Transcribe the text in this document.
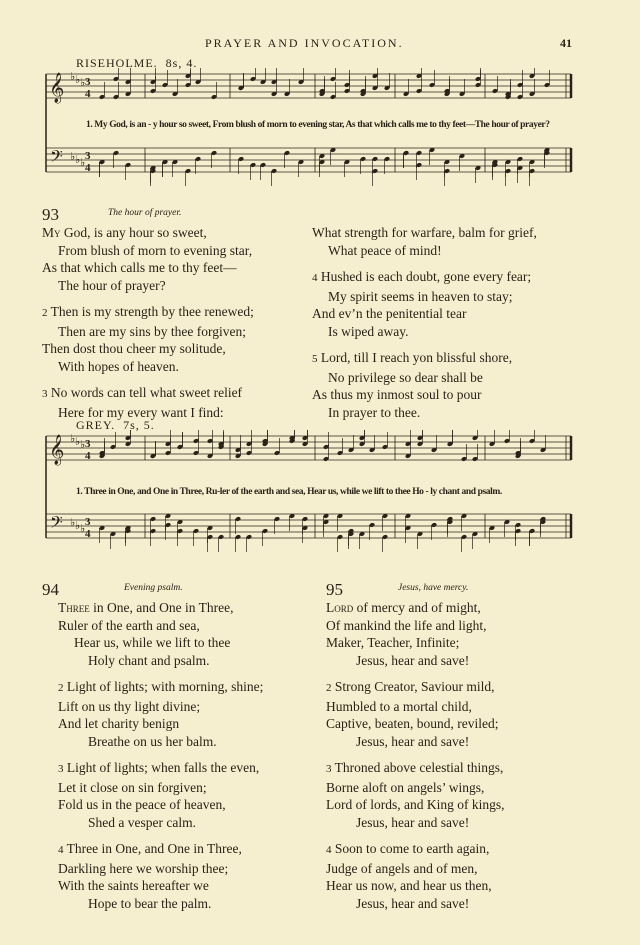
PRAYER AND INVOCATION.	41
RISEHOLME. 8s, 4.
𝄞
𝄢
♭ ♭ ♭ 3
4
♭ ♭ ♭ 3
4
1. My God, is an - y hour so sweet, From blush of morn to evening star, As that which calls me to thy feet—The hour of prayer?
93	The hour of prayer.
My God, is any hour so sweet,
From blush of morn to evening star,
As that which calls me to thy feet—
The hour of prayer?
2 Then is my strength by thee renewed;
Then are my sins by thee forgiven;
Then dost thou cheer my solitude,
With hopes of heaven.
3 No words can tell what sweet relief
Here for my every want I find:
What strength for warfare, balm for grief,
What peace of mind!
4 Hushed is each doubt, gone every fear;
My spirit seems in heaven to stay;
And ev’n the penitential tear
Is wiped away.
5 Lord, till I reach yon blissful shore,
No privilege so dear shall be
As thus my inmost soul to pour
In prayer to thee.
GREY. 7s, 5.
𝄞
𝄢
♭ ♭ ♭ 3
4
♭ ♭ ♭ 3
4
1. Three in One, and One in Three, Ru-ler of the earth and sea, Hear us, while we lift to thee Ho - ly chant and psalm.
94	Evening psalm.
Three in One, and One in Three,
Ruler of the earth and sea,
Hear us, while we lift to thee
Holy chant and psalm.
2 Light of lights; with morning, shine;
Lift on us thy light divine;
And let charity benign
Breathe on us her balm.
3 Light of lights; when falls the even,
Let it close on sin forgiven;
Fold us in the peace of heaven,
Shed a vesper calm.
4 Three in One, and One in Three,
Darkling here we worship thee;
With the saints hereafter we
Hope to bear the palm.
95	Jesus, have mercy.
Lord of mercy and of might,
Of mankind the life and light,
Maker, Teacher, Infinite;
Jesus, hear and save!
2 Strong Creator, Saviour mild,
Humbled to a mortal child,
Captive, beaten, bound, reviled;
Jesus, hear and save!
3 Throned above celestial things,
Borne aloft on angels’ wings,
Lord of lords, and King of kings,
Jesus, hear and save!
4 Soon to come to earth again,
Judge of angels and of men,
Hear us now, and hear us then,
Jesus, hear and save!
